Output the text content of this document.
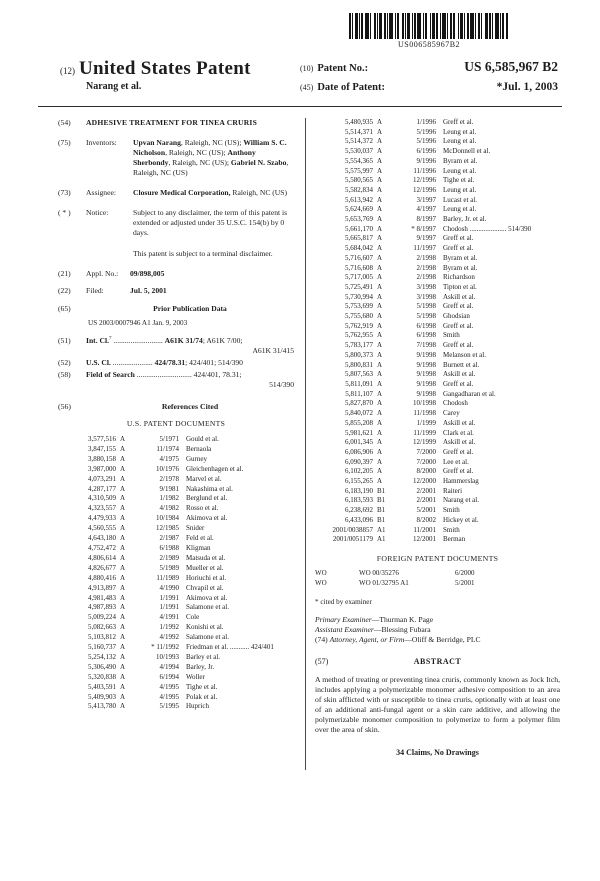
(12) United States Patent
Narang et al.
US006585967B2
(10) Patent No.:	US 6,585,967 B2
(45) Date of Patent:	*Jul. 1, 2003
(54)	ADHESIVE TREATMENT FOR TINEA CRURIS
(75)	Inventors:	Upvan Narang, Raleigh, NC (US); William S. C. Nicholson, Raleigh, NC (US); Anthony Sherbondy, Raleigh, NC (US); Gabriel N. Szabo, Raleigh, NC (US)
(73)	Assignee:	Closure Medical Corporation, Raleigh, NC (US)
( * )	Notice:	Subject to any disclaimer, the term of this patent is extended or adjusted under 35 U.S.C. 154(b) by 0 days.
This patent is subject to a terminal disclaimer.
(21)	Appl. No.:	09/898,005
(22)	Filed:	Jul. 5, 2001
(65)	Prior Publication Data
US 2003/0007946 A1 Jan. 9, 2003
(51)	Int. Cl.$^7$ .......................... A61K 31/74; A61K 7/00;
A61K 31/415
(52)	U.S. Cl. ..................... 424/78.31; 424/401; 514/390
(58)	Field of Search ............................. 424/401, 78.31;
514/390
(56)	References Cited
U.S. PATENT DOCUMENTS
3,577,516 A	5/1971	Gould et al.
3,847,155 A	11/1974	Bernaola
3,880,158 A	4/1975	Gurney
3,987,000 A	10/1976	Gleichenhagen et al.
4,073,291 A	2/1978	Marvel et al.
4,287,177 A	9/1981	Nakashima et al.
4,310,509 A	1/1982	Berglund et al.
4,323,557 A	4/1982	Rosso et al.
4,479,933 A	10/1984	Akimova et al.
4,560,555 A	12/1985	Snider
4,643,180 A	2/1987	Feld et al.
4,752,472 A	6/1988	Kligman
4,806,614 A	2/1989	Matsuda et al.
4,826,677 A	5/1989	Mueller et al.
4,880,416 A	11/1989	Horiuchi et al.
4,913,897 A	4/1990	Chvapil et al.
4,981,483 A	1/1991	Akimova et al.
4,987,893 A	1/1991	Salamone et al.
5,009,224 A	4/1991	Cole
5,082,663 A	1/1992	Konishi et al.
5,103,812 A	4/1992	Salamone et al.
5,160,737 A	* 11/1992	Friedman et al. ........... 424/401
5,254,132 A	10/1993	Barley et al.
5,306,490 A	4/1994	Barley, Jr.
5,320,838 A	6/1994	Woller
5,403,591 A	4/1995	Tighe et al.
5,409,903 A	4/1995	Polak et al.
5,413,780 A	5/1995	Huprich
5,480,935 A	1/1996	Greff et al.
5,514,371 A	5/1996	Leung et al.
5,514,372 A	5/1996	Leung et al.
5,530,037 A	6/1996	McDonnell et al.
5,554,365 A	9/1996	Byram et al.
5,575,997 A	11/1996	Leung et al.
5,580,565 A	12/1996	Tighe et al.
5,582,834 A	12/1996	Leung et al.
5,613,942 A	3/1997	Lucast et al.
5,624,669 A	4/1997	Leung et al.
5,653,769 A	8/1997	Barley, Jr. et al.
5,661,170 A	* 8/1997	Chodosh ..................... 514/390
5,665,817 A	9/1997	Greff et al.
5,684,042 A	11/1997	Greff et al.
5,716,607 A	2/1998	Byram et al.
5,716,608 A	2/1998	Byram et al.
5,717,005 A	2/1998	Richardson
5,725,491 A	3/1998	Tipton et al.
5,730,994 A	3/1998	Askill et al.
5,753,699 A	5/1998	Greff et al.
5,755,680 A	5/1998	Ghodsian
5,762,919 A	6/1998	Greff et al.
5,762,955 A	6/1998	Smith
5,783,177 A	7/1998	Greff et al.
5,800,373 A	9/1998	Melanson et al.
5,800,831 A	9/1998	Burnett et al.
5,807,563 A	9/1998	Askill et al.
5,811,091 A	9/1998	Greff et al.
5,811,107 A	9/1998	Gangadharan et al.
5,827,870 A	10/1998	Chodosh
5,840,072 A	11/1998	Carey
5,855,208 A	1/1999	Askill et al.
5,981,621 A	11/1999	Clark et al.
6,001,345 A	12/1999	Askill et al.
6,086,906 A	7/2000	Greff et al.
6,090,397 A	7/2000	Lee et al.
6,102,205 A	8/2000	Greff et al.
6,155,265 A	12/2000	Hammerslag
6,183,190 B1	2/2001	Raiteri
6,183,593 B1	2/2001	Narang et al.
6,238,692 B1	5/2001	Smith
6,433,096 B1	8/2002	Hickey et al.
2001/0038857 A1	11/2001	Smith
2001/0051179 A1	12/2001	Berman
FOREIGN PATENT DOCUMENTS
WO	WO 00/35276	6/2000
WO	WO 01/32795 A1	5/2001
* cited by examiner
Primary Examiner—Thurman K. Page
Assistant Examiner—Blessing Fubara
(74) Attorney, Agent, or Firm—Oliff & Berridge, PLC
(57)	ABSTRACT
A method of treating or preventing tinea cruris, commonly known as Jock Itch, includes applying a polymerizable monomer adhesive composition to an area of skin afflicted with or susceptible to tinea cruris, optionally with at least one of an additional anti-fungal agent or a skin care additive, and allowing the polymerizable monomer composition to polymerize to form a polymer film over the area of skin.
34 Claims, No Drawings
